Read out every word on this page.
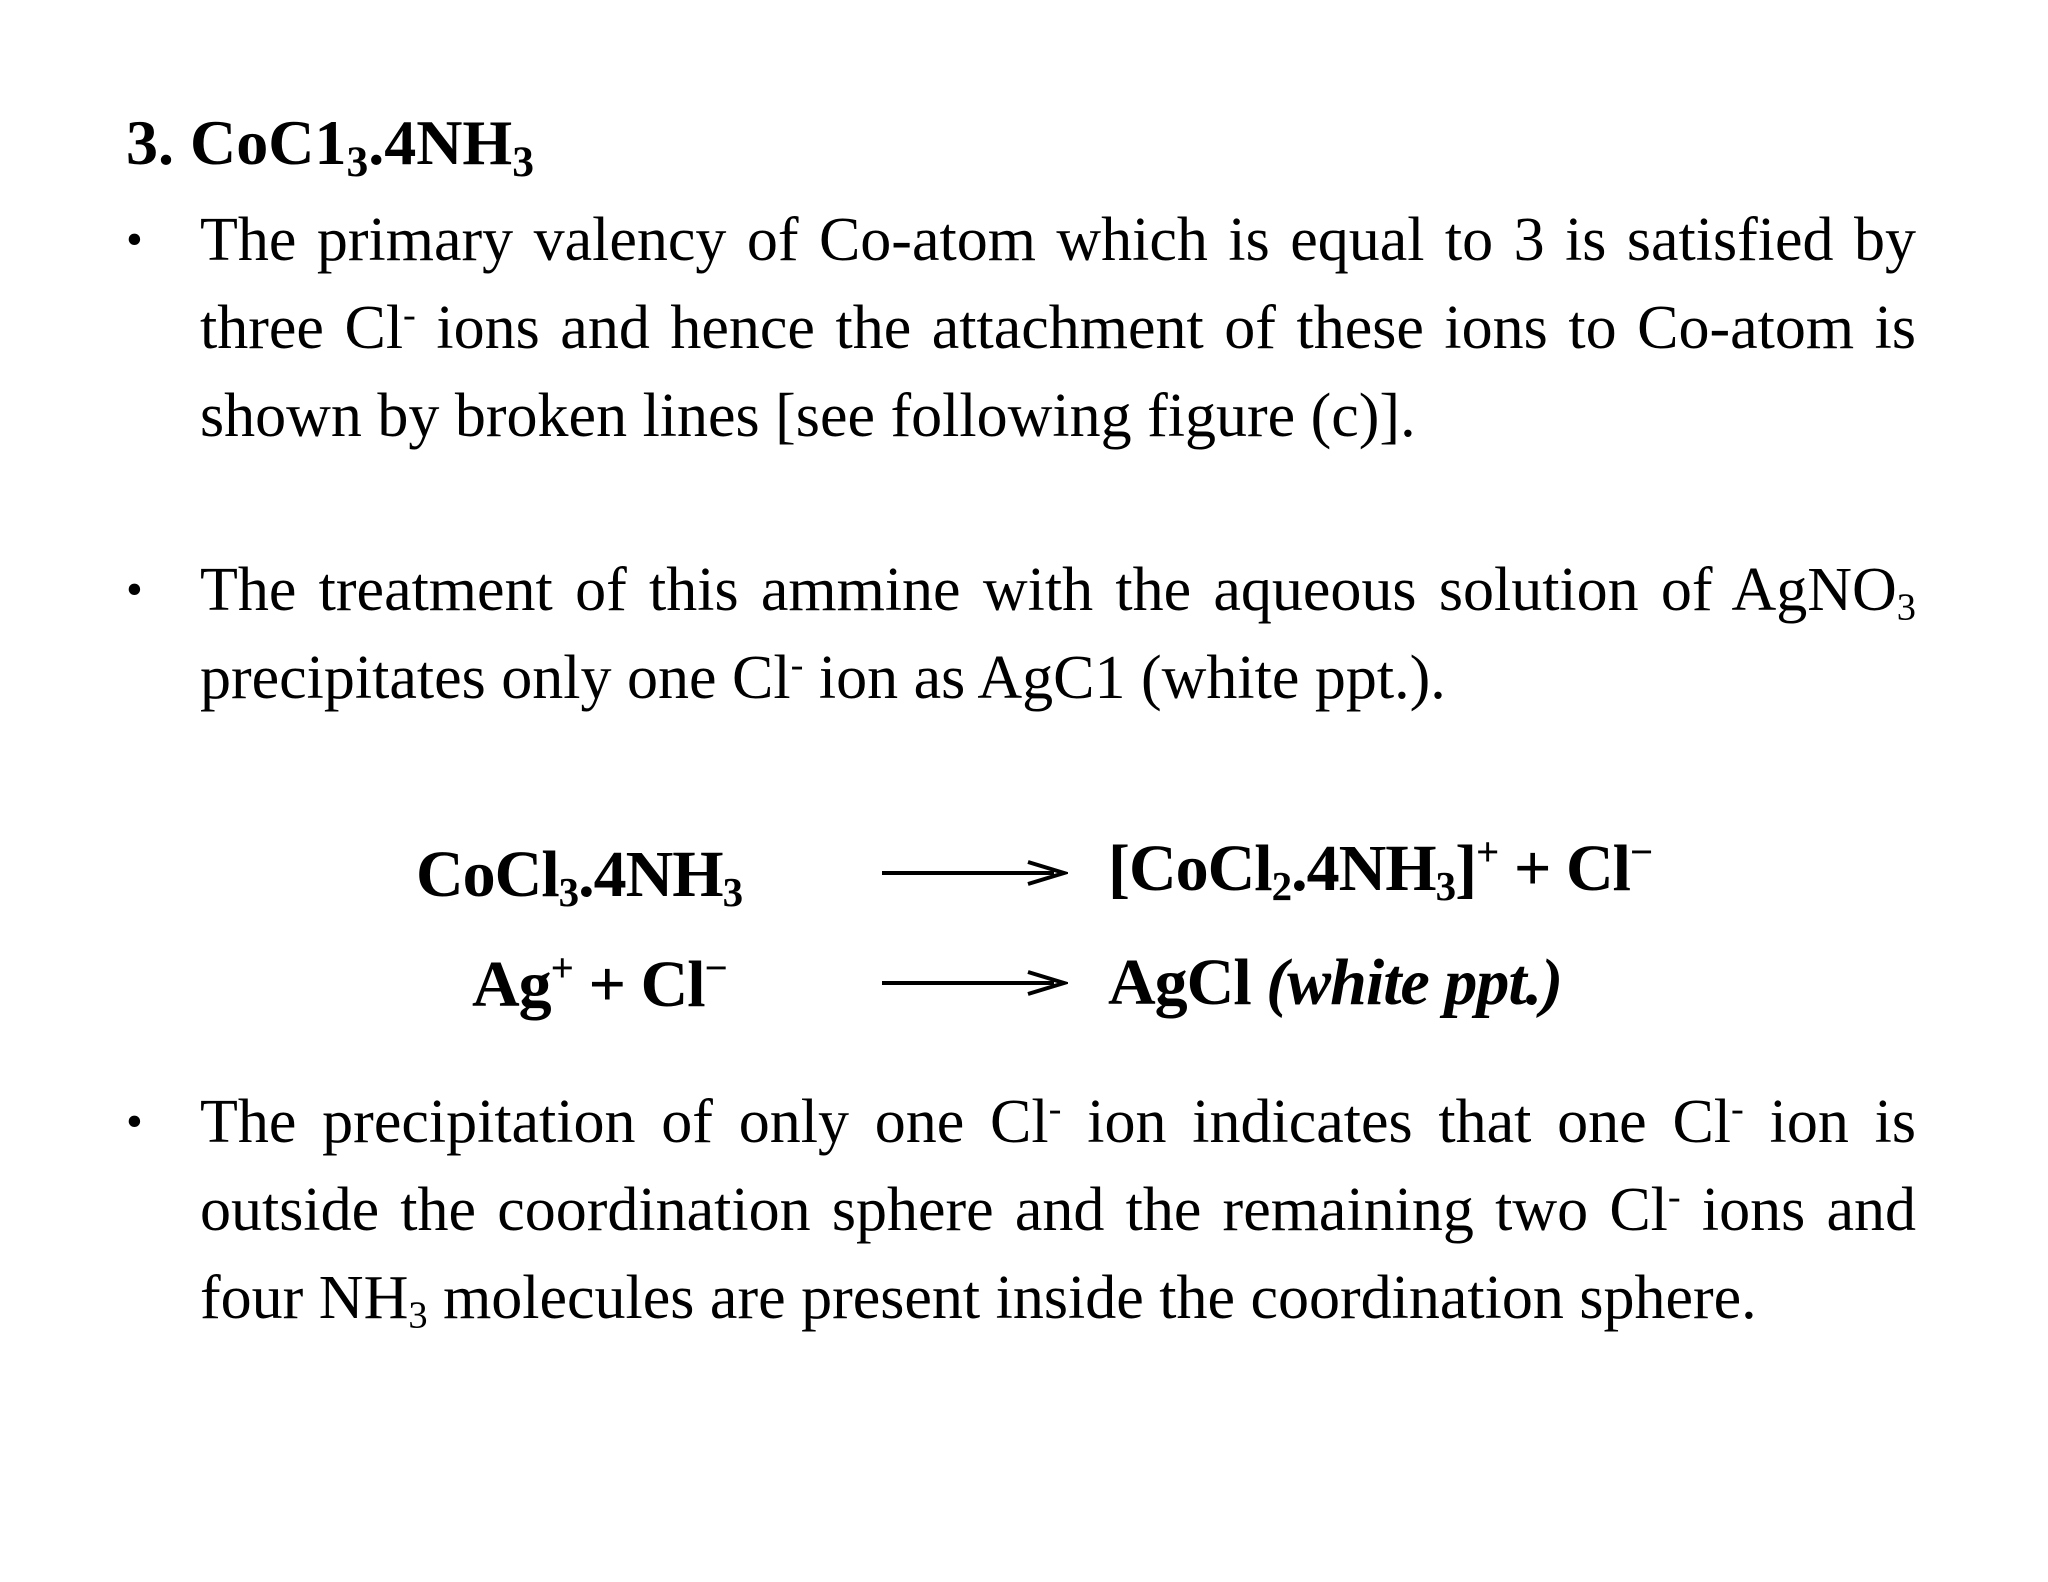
3. $CoC1_3.4NH_3$
• The primary valency of Co-atom which is equal to 3 is satisfied by three Cl- ions and hence the attachment of these ions to Co-atom is shown by broken lines [see following figure (c)].
• The treatment of this ammine with the aqueous solution of AgNO$_3$ precipitates only one Cl- ion as AgC1 (white ppt.).
$CoCl_3.4NH_3$	$[CoCl_2.4NH_3]^+ + Cl^-$
Ag+ + Cl−	AgCl (white ppt.)
• The precipitation of only one Cl- ion indicates that one Cl- ion is outside the coordination sphere and the remaining two Cl- ions and four $NH_3$ molecules are present inside the coordination sphere.
